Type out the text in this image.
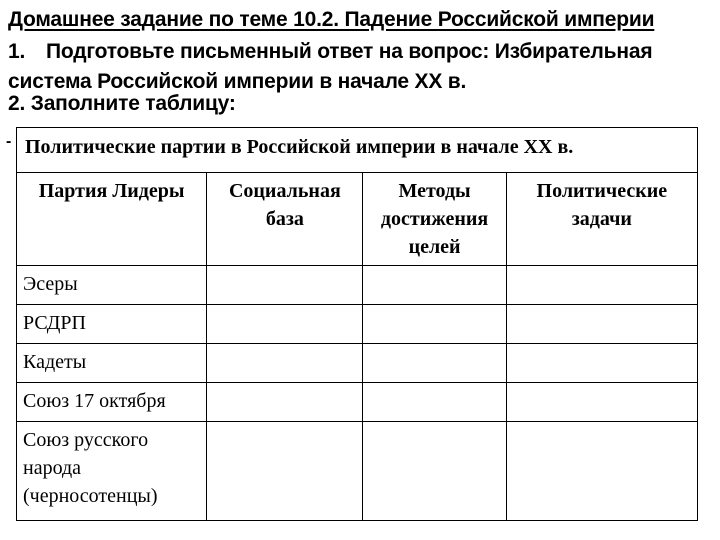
Домашнее задание по теме 10.2. Падение Российской империи
1. Подготовьте письменный ответ на вопрос: Избирательная система Российской империи в начале XX в.
2. Заполните таблицу:
- Политические партии в Российской империи в начале XX в.			
Партия Лидеры	Социальная база	Методы достижения целей	Политические задачи
Эсеры			
РСДРП			
Кадеты			
Союз 17 октября			
Союз русского народа (черносотенцы)			
